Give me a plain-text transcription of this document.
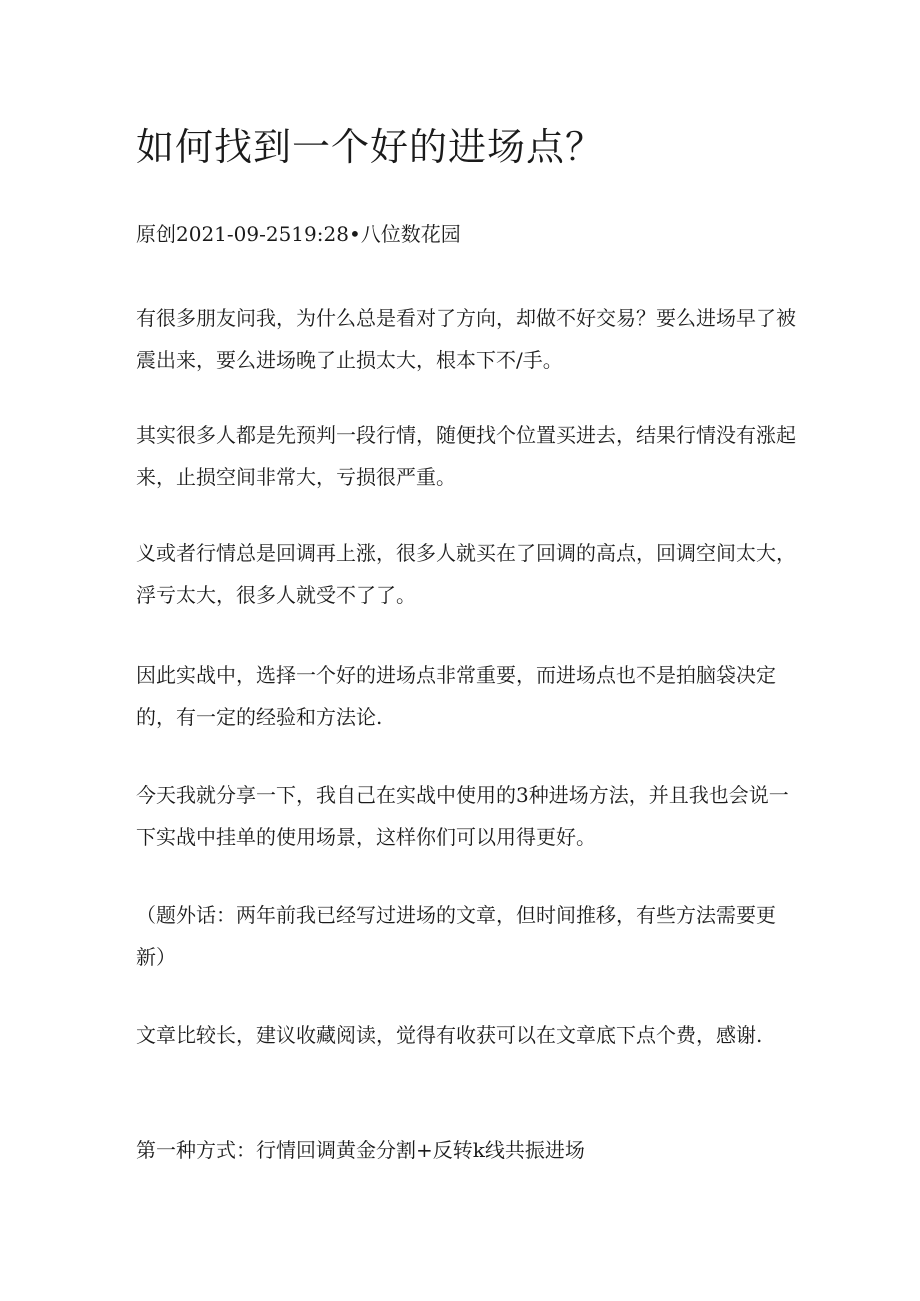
如何找到一个好的进场点？

原创2021-09-2519:28•八位数花园

有很多朋友问我，为什么总是看对了方向，却做不好交易？要么进场早了被震出来，要么进场晚了止损太大，根本下不/手。

其实很多人都是先预判一段行情，随便找个位置买进去，结果行情没有涨起来，止损空间非常大，亏损很严重。

义或者行情总是回调再上涨，很多人就买在了回调的高点，回调空间太大，浮亏太大，很多人就受不了了。

因此实战中，选择一个好的进场点非常重要，而进场点也不是拍脑袋决定的，有一定的经验和方法论.

今天我就分享一下，我自己在实战中使用的3种进场方法，并且我也会说一下实战中挂单的使用场景，这样你们可以用得更好。

（题外话：两年前我已经写过进场的文章，但时间推移，有些方法需要更新）

文章比较长，建议收藏阅读，觉得有收获可以在文章底下点个费，感谢.

第一种方式：行情回调黄金分割+反转k线共振进场
